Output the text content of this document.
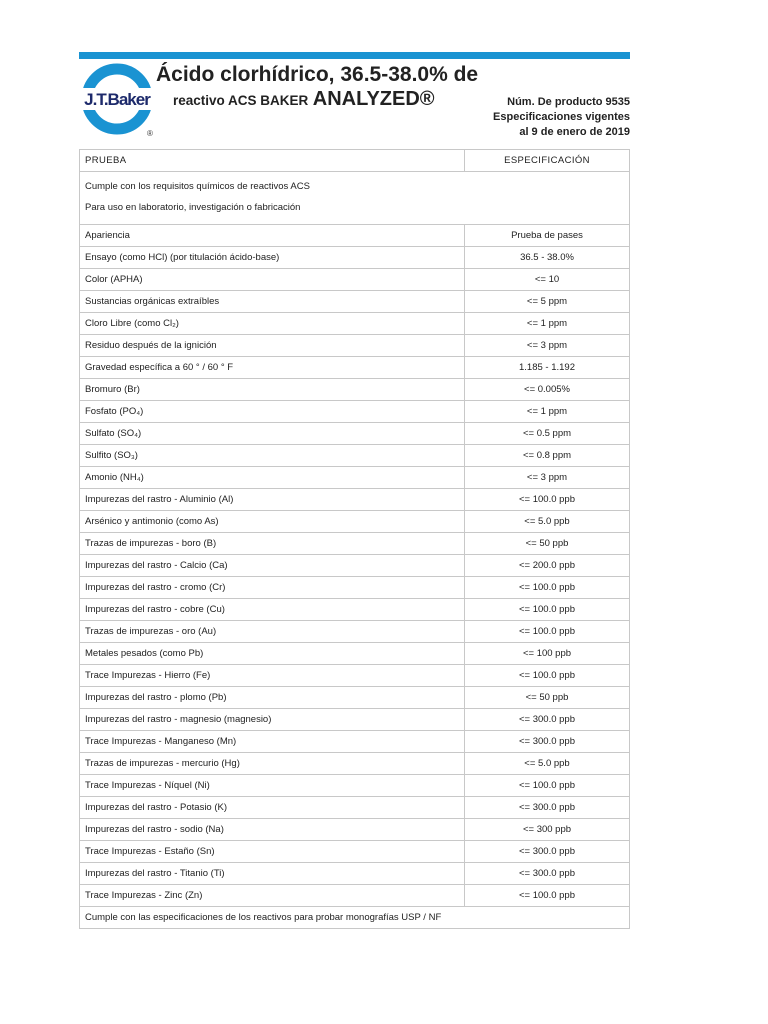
J.T.Baker
®
Ácido clorhídrico, 36.5-38.0% de
reactivo ACS BAKER ANALYZED®	Núm. De producto 9535
Especificaciones vigentes
al 9 de enero de 2019
PRUEBA	ESPECIFICACIÓN

Cumple con los requisitos químicos de reactivos ACS
Para uso en laboratorio, investigación o fabricación	

Apariencia	Prueba de pases
Ensayo (como HCl) (por titulación ácido-base)	36.5 - 38.0%
Color (APHA)	<= 10
Sustancias orgánicas extraíbles	<= 5 ppm
Cloro Libre (como Cl₂)	<= 1 ppm
Residuo después de la ignición	<= 3 ppm
Gravedad específica a 60 ° / 60 ° F	1.185 - 1.192
Bromuro (Br)	<= 0.005%
Fosfato (PO₄)	<= 1 ppm
Sulfato (SO₄)	<= 0.5 ppm
Sulfito (SO₃)	<= 0.8 ppm
Amonio (NH₄)	<= 3 ppm
Impurezas del rastro - Aluminio (Al)	<= 100.0 ppb
Arsénico y antimonio (como As)	<= 5.0 ppb
Trazas de impurezas - boro (B)	<= 50 ppb
Impurezas del rastro - Calcio (Ca)	<= 200.0 ppb
Impurezas del rastro - cromo (Cr)	<= 100.0 ppb
Impurezas del rastro - cobre (Cu)	<= 100.0 ppb
Trazas de impurezas - oro (Au)	<= 100.0 ppb
Metales pesados (como Pb)	<= 100 ppb
Trace Impurezas - Hierro (Fe)	<= 100.0 ppb
Impurezas del rastro - plomo (Pb)	<= 50 ppb
Impurezas del rastro - magnesio (magnesio)	<= 300.0 ppb
Trace Impurezas - Manganeso (Mn)	<= 300.0 ppb
Trazas de impurezas - mercurio (Hg)	<= 5.0 ppb
Trace Impurezas - Níquel (Ni)	<= 100.0 ppb
Impurezas del rastro - Potasio (K)	<= 300.0 ppb
Impurezas del rastro - sodio (Na)	<= 300 ppb
Trace Impurezas - Estaño (Sn)	<= 300.0 ppb
Impurezas del rastro - Titanio (Ti)	<= 300.0 ppb
Trace Impurezas - Zinc (Zn)	<= 100.0 ppb
Cumple con las especificaciones de los reactivos para probar monografías USP / NF	
